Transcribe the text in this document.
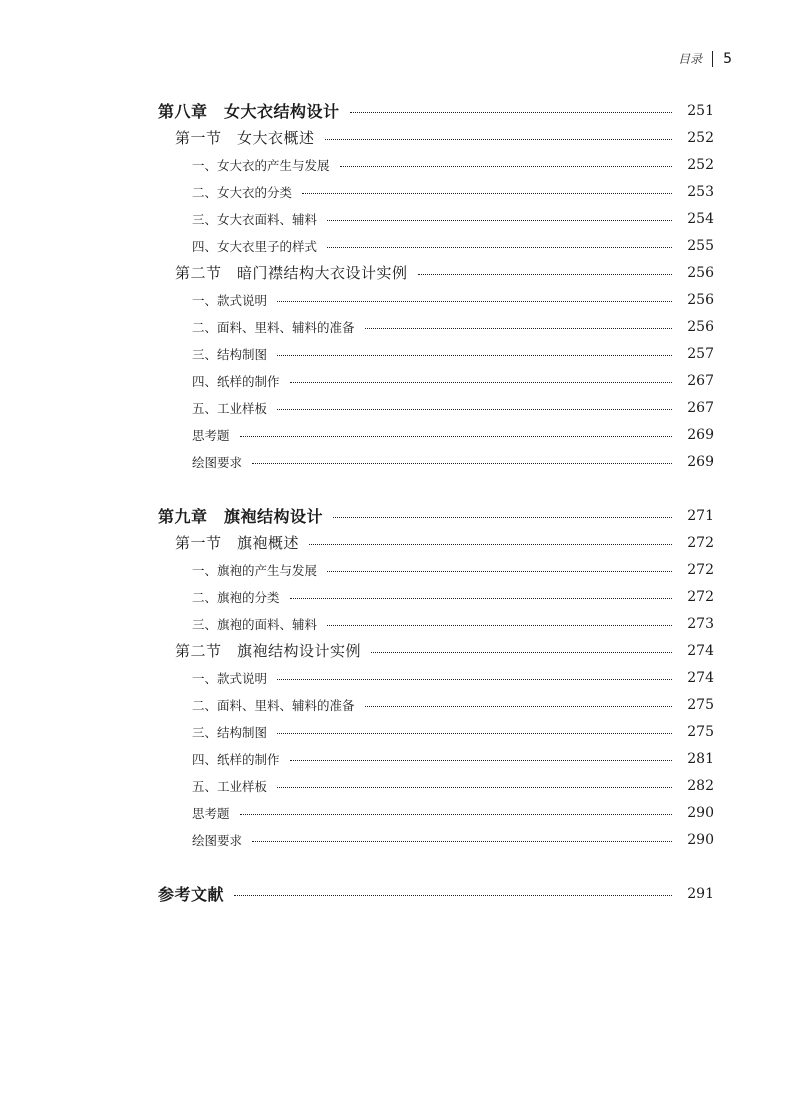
目录 5
第八章　女大衣结构设计	251
第一节　女大衣概述	252
一、女大衣的产生与发展	252
二、女大衣的分类	253
三、女大衣面料、辅料	254
四、女大衣里子的样式	255
第二节　暗门襟结构大衣设计实例	256
一、款式说明	256
二、面料、里料、辅料的准备	256
三、结构制图	257
四、纸样的制作	267
五、工业样板	267
思考题	269
绘图要求	269
第九章　旗袍结构设计	271
第一节　旗袍概述	272
一、旗袍的产生与发展	272
二、旗袍的分类	272
三、旗袍的面料、辅料	273
第二节　旗袍结构设计实例	274
一、款式说明	274
二、面料、里料、辅料的准备	275
三、结构制图	275
四、纸样的制作	281
五、工业样板	282
思考题	290
绘图要求	290
参考文献	291
